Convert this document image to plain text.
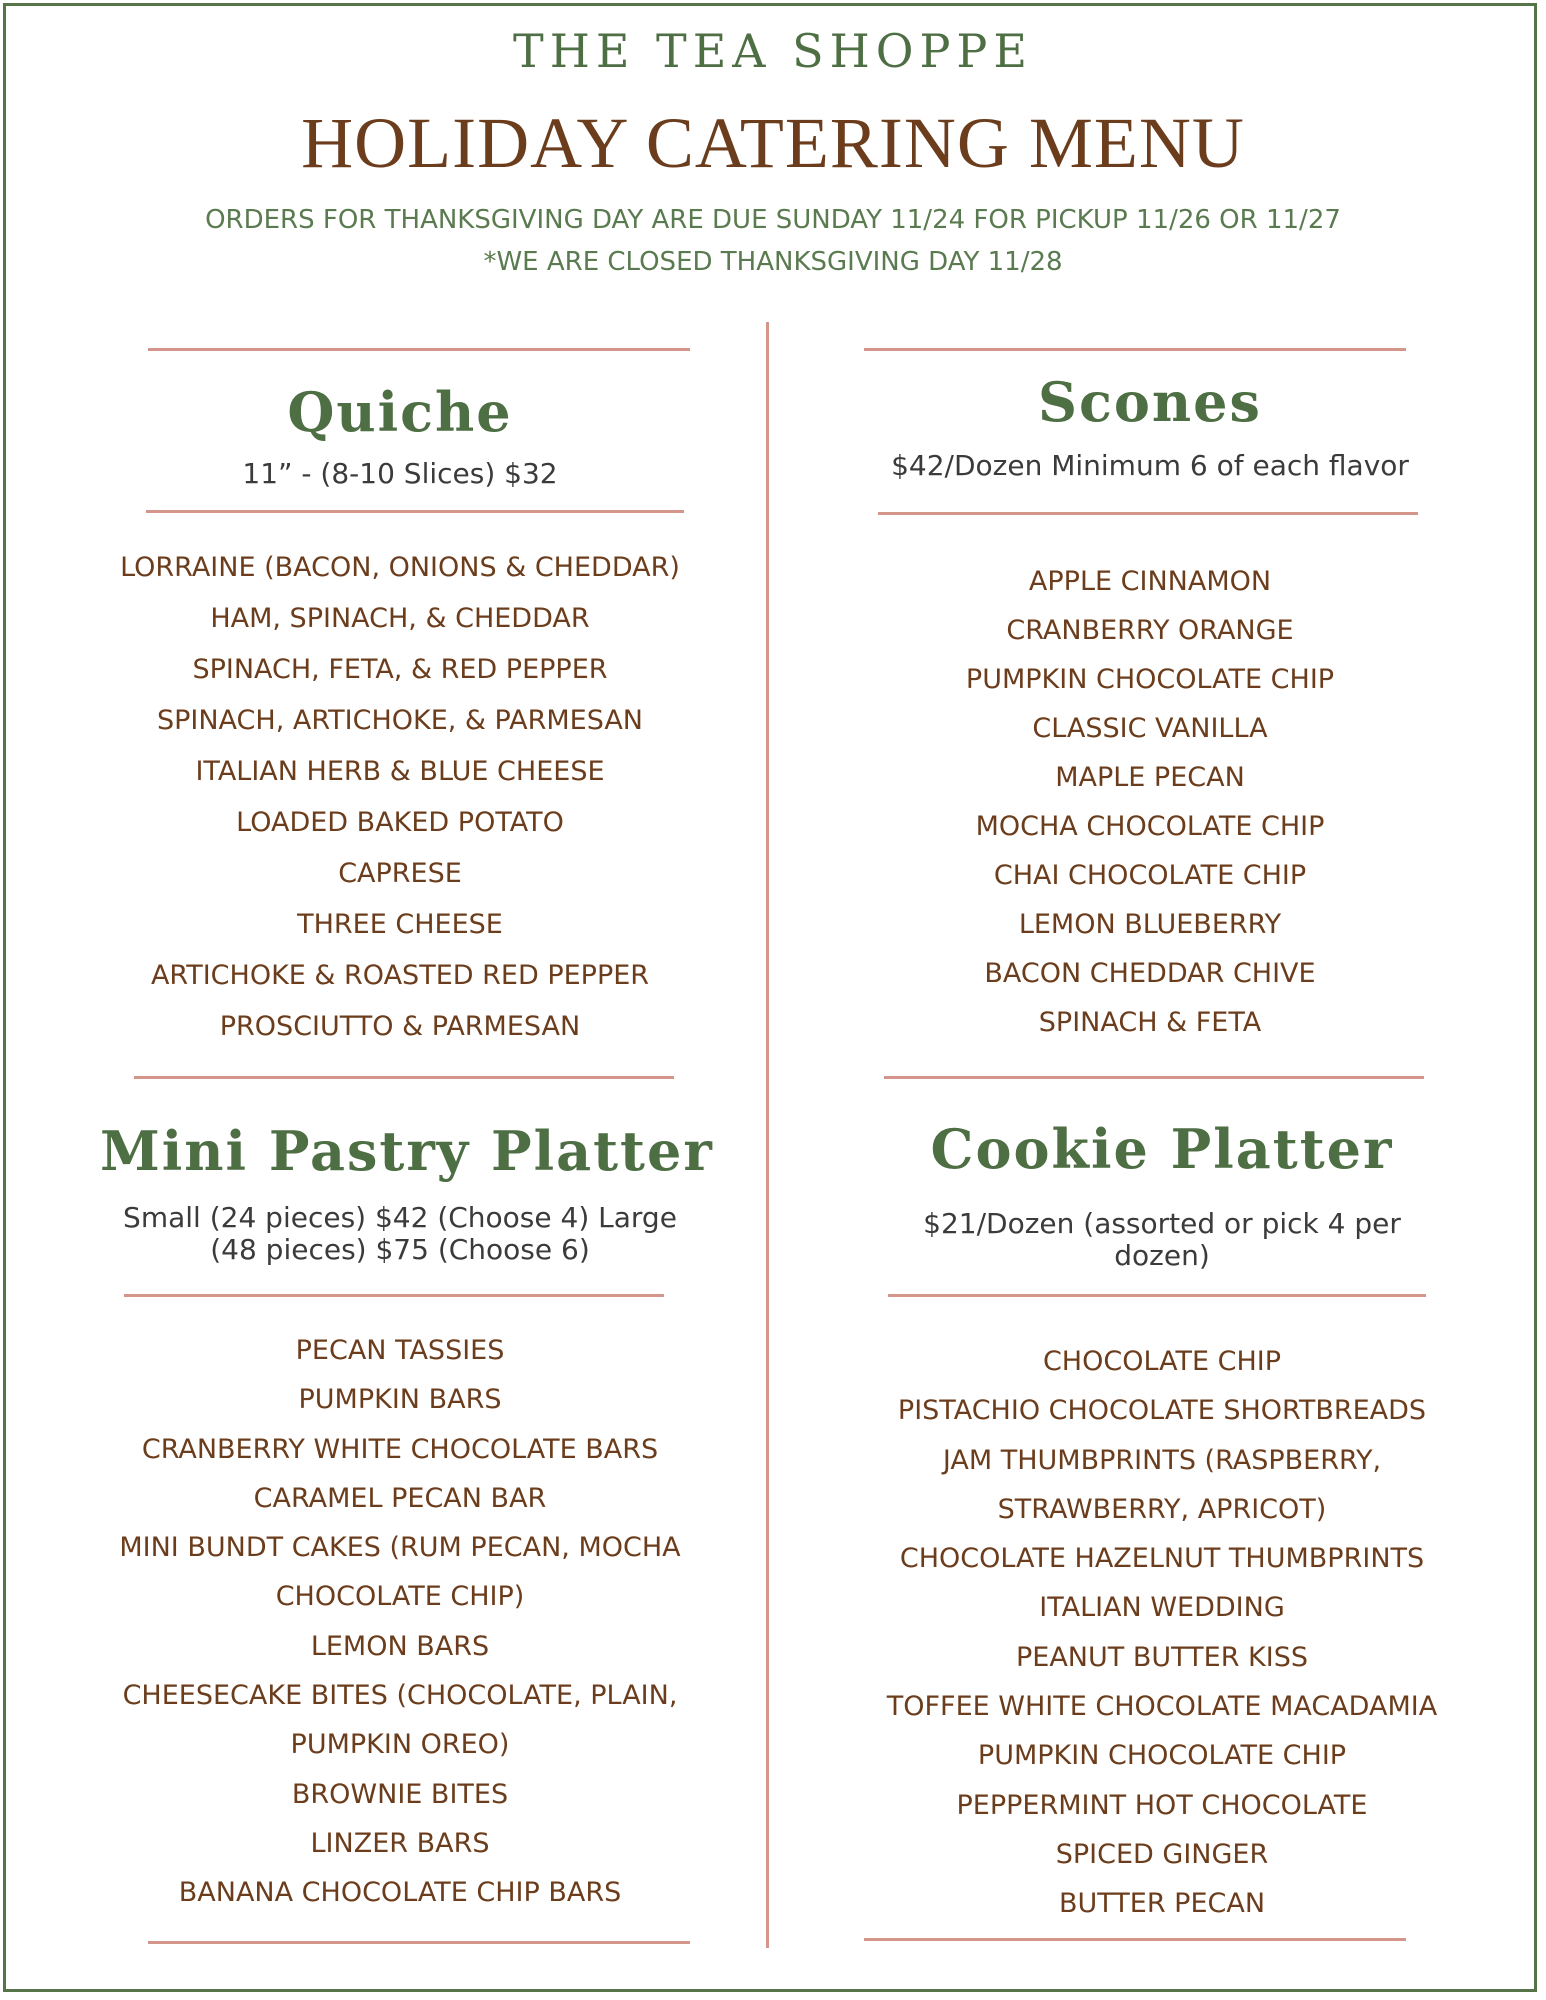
THE TEA SHOPPE
HOLIDAY CATERING MENU
ORDERS FOR THANKSGIVING DAY ARE DUE SUNDAY 11/24 FOR PICKUP 11/26 OR 11/27
*WE ARE CLOSED THANKSGIVING DAY 11/28
Quiche
11” - (8-10 Slices) $32
LORRAINE (BACON, ONIONS & CHEDDAR)
HAM, SPINACH, & CHEDDAR
SPINACH, FETA, & RED PEPPER
SPINACH, ARTICHOKE, & PARMESAN
ITALIAN HERB & BLUE CHEESE
LOADED BAKED POTATO
CAPRESE
THREE CHEESE
ARTICHOKE & ROASTED RED PEPPER
PROSCIUTTO & PARMESAN
Scones
$42/Dozen Minimum 6 of each flavor
APPLE CINNAMON
CRANBERRY ORANGE
PUMPKIN CHOCOLATE CHIP
CLASSIC VANILLA
MAPLE PECAN
MOCHA CHOCOLATE CHIP
CHAI CHOCOLATE CHIP
LEMON BLUEBERRY
BACON CHEDDAR CHIVE
SPINACH & FETA
Mini Pastry Platter
Small (24 pieces) $42 (Choose 4) Large
(48 pieces) $75 (Choose 6)
PECAN TASSIES
PUMPKIN BARS
CRANBERRY WHITE CHOCOLATE BARS
CARAMEL PECAN BAR
MINI BUNDT CAKES (RUM PECAN, MOCHA
CHOCOLATE CHIP)
LEMON BARS
CHEESECAKE BITES (CHOCOLATE, PLAIN,
PUMPKIN OREO)
BROWNIE BITES
LINZER BARS
BANANA CHOCOLATE CHIP BARS
Cookie Platter
$21/Dozen (assorted or pick 4 per
dozen)
CHOCOLATE CHIP
PISTACHIO CHOCOLATE SHORTBREADS
JAM THUMBPRINTS (RASPBERRY,
STRAWBERRY, APRICOT)
CHOCOLATE HAZELNUT THUMBPRINTS
ITALIAN WEDDING
PEANUT BUTTER KISS
TOFFEE WHITE CHOCOLATE MACADAMIA
PUMPKIN CHOCOLATE CHIP
PEPPERMINT HOT CHOCOLATE
SPICED GINGER
BUTTER PECAN
